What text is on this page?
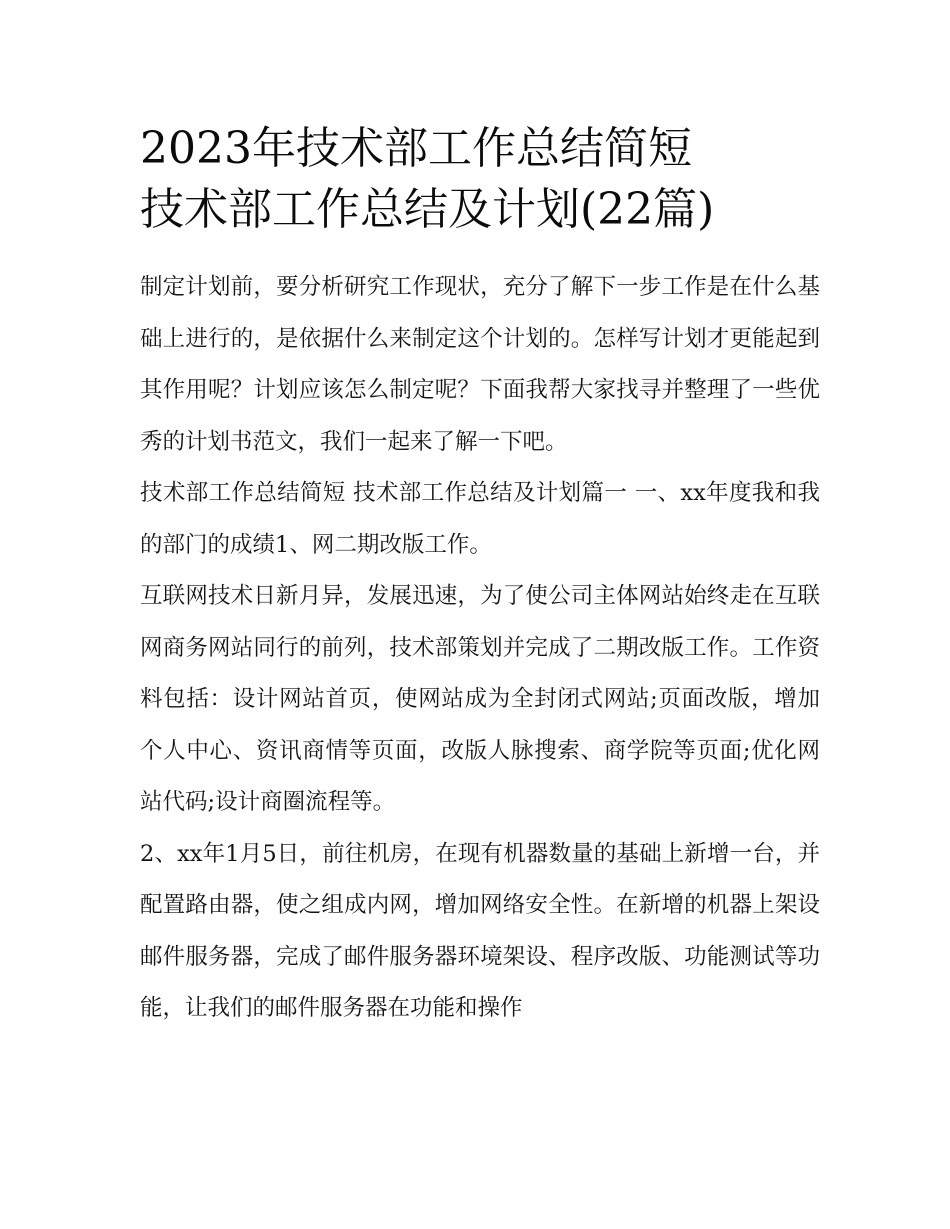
2023年技术部工作总结简短
技术部工作总结及计划(22篇)

制定计划前，要分析研究工作现状，充分了解下一步工作是在什么基础上进行的，是依据什么来制定这个计划的。怎样写计划才更能起到其作用呢？计划应该怎么制定呢？下面我帮大家找寻并整理了一些优秀的计划书范文，我们一起来了解一下吧。

技术部工作总结简短 技术部工作总结及计划篇一 一、xx年度我和我的部门的成绩1、网二期改版工作。

互联网技术日新月异，发展迅速，为了使公司主体网站始终走在互联网商务网站同行的前列，技术部策划并完成了二期改版工作。工作资料包括：设计网站首页，使网站成为全封闭式网站;页面改版，增加个人中心、资讯商情等页面，改版人脉搜索、商学院等页面;优化网站代码;设计商圈流程等。

2、xx年1月5日，前往机房，在现有机器数量的基础上新增一台，并配置路由器，使之组成内网，增加网络安全性。在新增的机器上架设邮件服务器，完成了邮件服务器环境架设、程序改版、功能测试等功能，让我们的邮件服务器在功能和操作
